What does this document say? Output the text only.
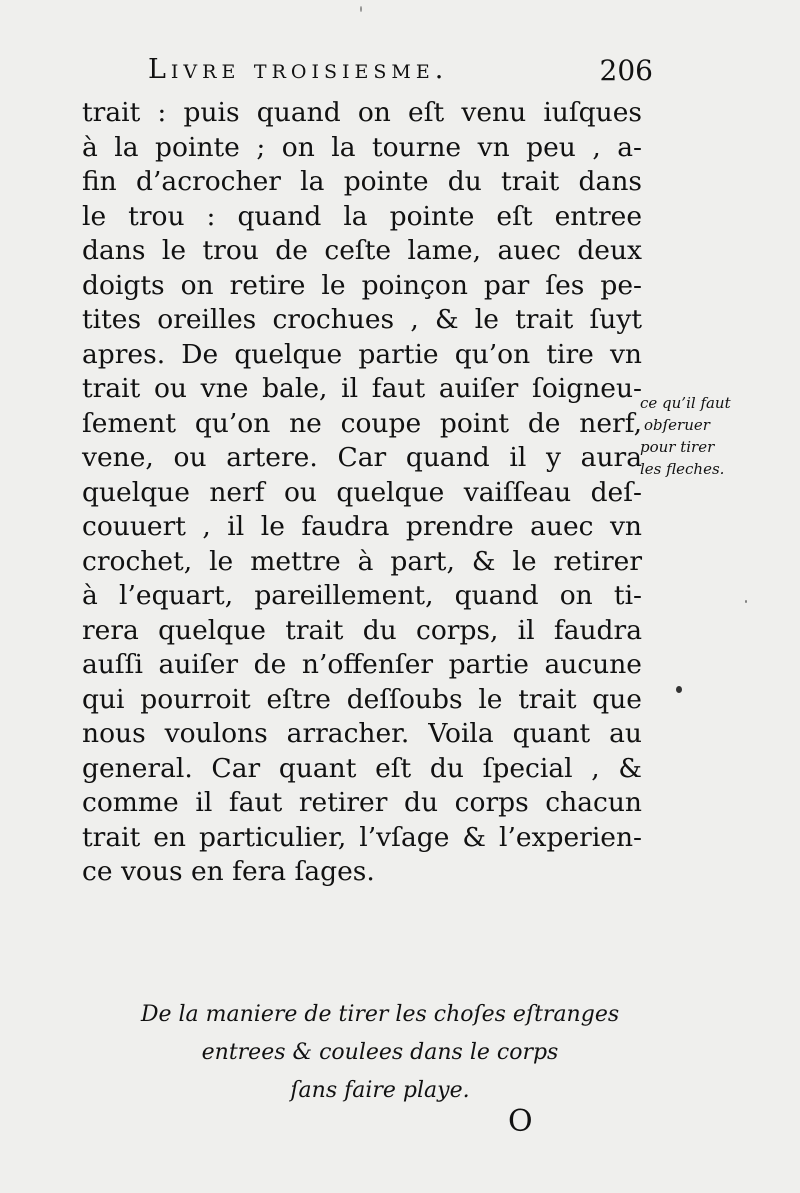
Livre troisiesme.	206
trait : puis quand on eſt venu iuſques
à la pointe ; on la tourne vn peu , a-
fin d’acrocher la pointe du trait dans
le trou : quand la pointe eſt entree
dans le trou de ceſte lame, auec deux
doigts on retire le poinçon par ſes pe-
tites oreilles crochues , & le trait ſuyt
apres. De quelque partie qu’on tire vn
trait ou vne bale, il faut auiſer ſoigneu-
ſement qu’on ne coupe point de nerf,
vene, ou artere. Car quand il y aura
quelque nerf ou quelque vaiſſeau deſ-
couuert , il le faudra prendre auec vn
crochet, le mettre à part, & le retirer
à l’equart, pareillement, quand on ti-
rera quelque trait du corps, il faudra
auſſi auiſer de n’offenſer partie aucune
qui pourroit eſtre deſſoubs le trait que
nous voulons arracher. Voila quant au
general. Car quant eſt du ſpecial , &
comme il faut retirer du corps chacun
trait en particulier, l’vſage & l’experien-
ce vous en fera ſages.
ce qu’il faut
obſeruer
pour tirer
les fleches.
De la maniere de tirer les choſes eſtranges
entrees & coulees dans le corps
ſans faire playe.
O
